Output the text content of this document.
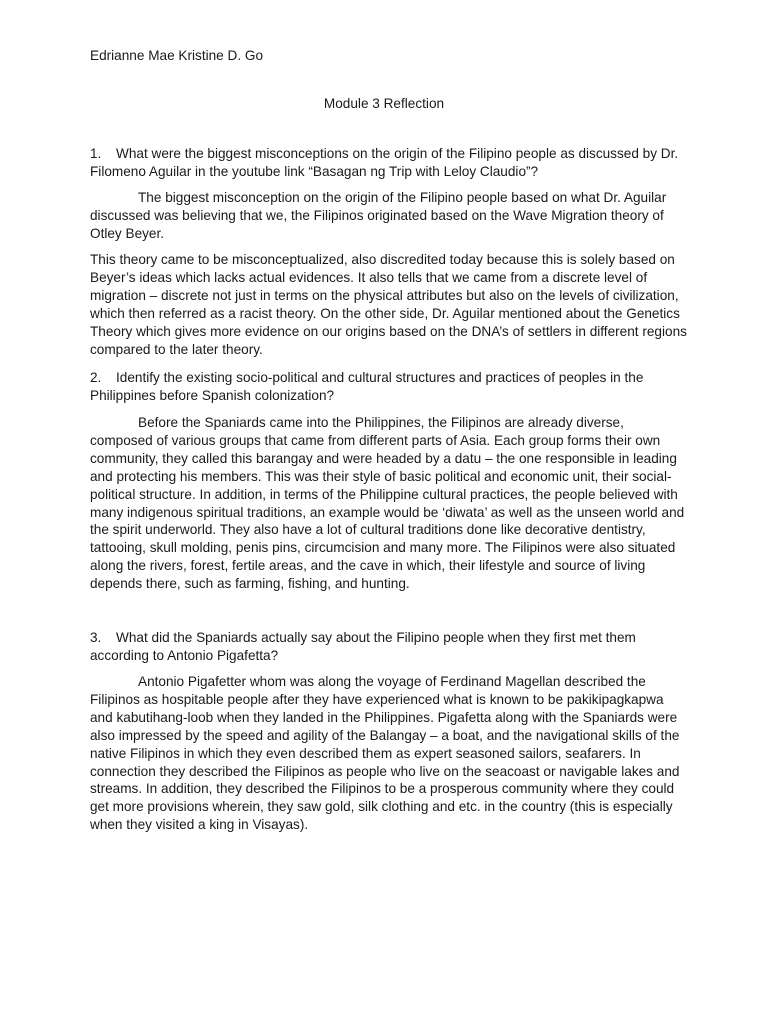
Edrianne Mae Kristine D. Go
Module 3 Reflection

1. What were the biggest misconceptions on the origin of the Filipino people as discussed by Dr. Filomeno Aguilar in the youtube link “Basagan ng Trip with Leloy Claudio”?

The biggest misconception on the origin of the Filipino people based on what Dr. Aguilar discussed was believing that we, the Filipinos originated based on the Wave Migration theory of Otley Beyer.

This theory came to be misconceptualized, also discredited today because this is solely based on Beyer’s ideas which lacks actual evidences. It also tells that we came from a discrete level of migration – discrete not just in terms on the physical attributes but also on the levels of civilization, which then referred as a racist theory. On the other side, Dr. Aguilar mentioned about the Genetics Theory which gives more evidence on our origins based on the DNA’s of settlers in different regions compared to the later theory.

2. Identify the existing socio-political and cultural structures and practices of peoples in the Philippines before Spanish colonization?

Before the Spaniards came into the Philippines, the Filipinos are already diverse, composed of various groups that came from different parts of Asia. Each group forms their own community, they called this barangay and were headed by a datu – the one responsible in leading and protecting his members. This was their style of basic political and economic unit, their social-political structure. In addition, in terms of the Philippine cultural practices, the people believed with many indigenous spiritual traditions, an example would be ‘diwata’ as well as the unseen world and the spirit underworld. They also have a lot of cultural traditions done like decorative dentistry, tattooing, skull molding, penis pins, circumcision and many more. The Filipinos were also situated along the rivers, forest, fertile areas, and the cave in which, their lifestyle and source of living depends there, such as farming, fishing, and hunting.

3. What did the Spaniards actually say about the Filipino people when they first met them according to Antonio Pigafetta?

Antonio Pigafetter whom was along the voyage of Ferdinand Magellan described the Filipinos as hospitable people after they have experienced what is known to be pakikipagkapwa and kabutihang-loob when they landed in the Philippines. Pigafetta along with the Spaniards were also impressed by the speed and agility of the Balangay – a boat, and the navigational skills of the native Filipinos in which they even described them as expert seasoned sailors, seafarers. In connection they described the Filipinos as people who live on the seacoast or navigable lakes and streams. In addition, they described the Filipinos to be a prosperous community where they could get more provisions wherein, they saw gold, silk clothing and etc. in the country (this is especially when they visited a king in Visayas).
